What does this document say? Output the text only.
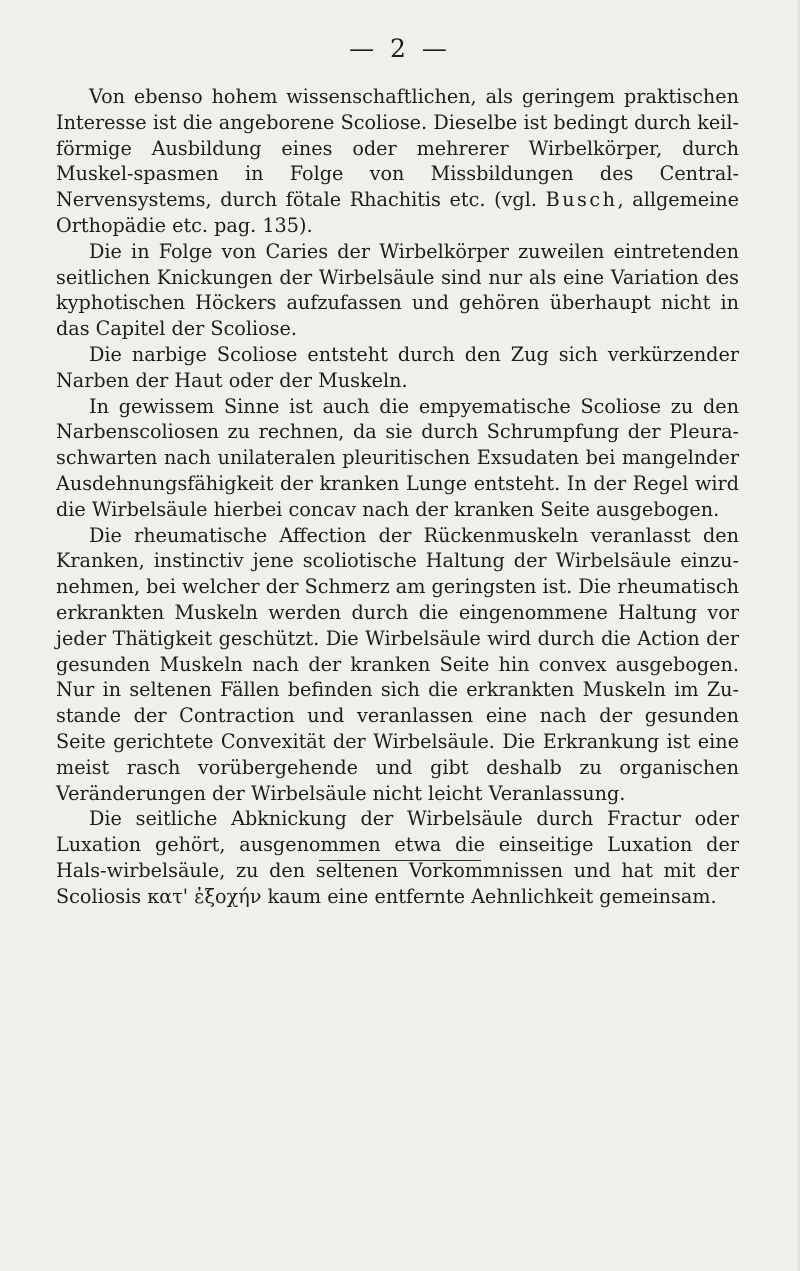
— 2 —

Von ebenso hohem wissenschaftlichen, als geringem praktischen Interesse ist die angeborene Scoliose. Dieselbe ist bedingt durch keil-förmige Ausbildung eines oder mehrerer Wirbelkörper, durch Muskel-spasmen in Folge von Missbildungen des Central-Nervensystems, durch fötale Rhachitis etc. (vgl. Busch, allgemeine Orthopädie etc. pag. 135).

Die in Folge von Caries der Wirbelkörper zuweilen eintretenden seitlichen Knickungen der Wirbelsäule sind nur als eine Variation des kyphotischen Höckers aufzufassen und gehören überhaupt nicht in das Capitel der Scoliose.

Die narbige Scoliose entsteht durch den Zug sich verkürzender Narben der Haut oder der Muskeln.

In gewissem Sinne ist auch die empyematische Scoliose zu den Narbenscoliosen zu rechnen, da sie durch Schrumpfung der Pleura-schwarten nach unilateralen pleuritischen Exsudaten bei mangelnder Ausdehnungsfähigkeit der kranken Lunge entsteht. In der Regel wird die Wirbelsäule hierbei concav nach der kranken Seite ausgebogen.

Die rheumatische Affection der Rückenmuskeln veranlasst den Kranken, instinctiv jene scoliotische Haltung der Wirbelsäule einzu-nehmen, bei welcher der Schmerz am geringsten ist. Die rheumatisch erkrankten Muskeln werden durch die eingenommene Haltung vor jeder Thätigkeit geschützt. Die Wirbelsäule wird durch die Action der gesunden Muskeln nach der kranken Seite hin convex ausgebogen. Nur in seltenen Fällen befinden sich die erkrankten Muskeln im Zu-stande der Contraction und veranlassen eine nach der gesunden Seite gerichtete Convexität der Wirbelsäule. Die Erkrankung ist eine meist rasch vorübergehende und gibt deshalb zu organischen Veränderungen der Wirbelsäule nicht leicht Veranlassung.

Die seitliche Abknickung der Wirbelsäule durch Fractur oder Luxation gehört, ausgenommen etwa die einseitige Luxation der Hals-wirbelsäule, zu den seltenen Vorkommnissen und hat mit der Scoliosis κατ' ἐξοχήν kaum eine entfernte Aehnlichkeit gemeinsam.
